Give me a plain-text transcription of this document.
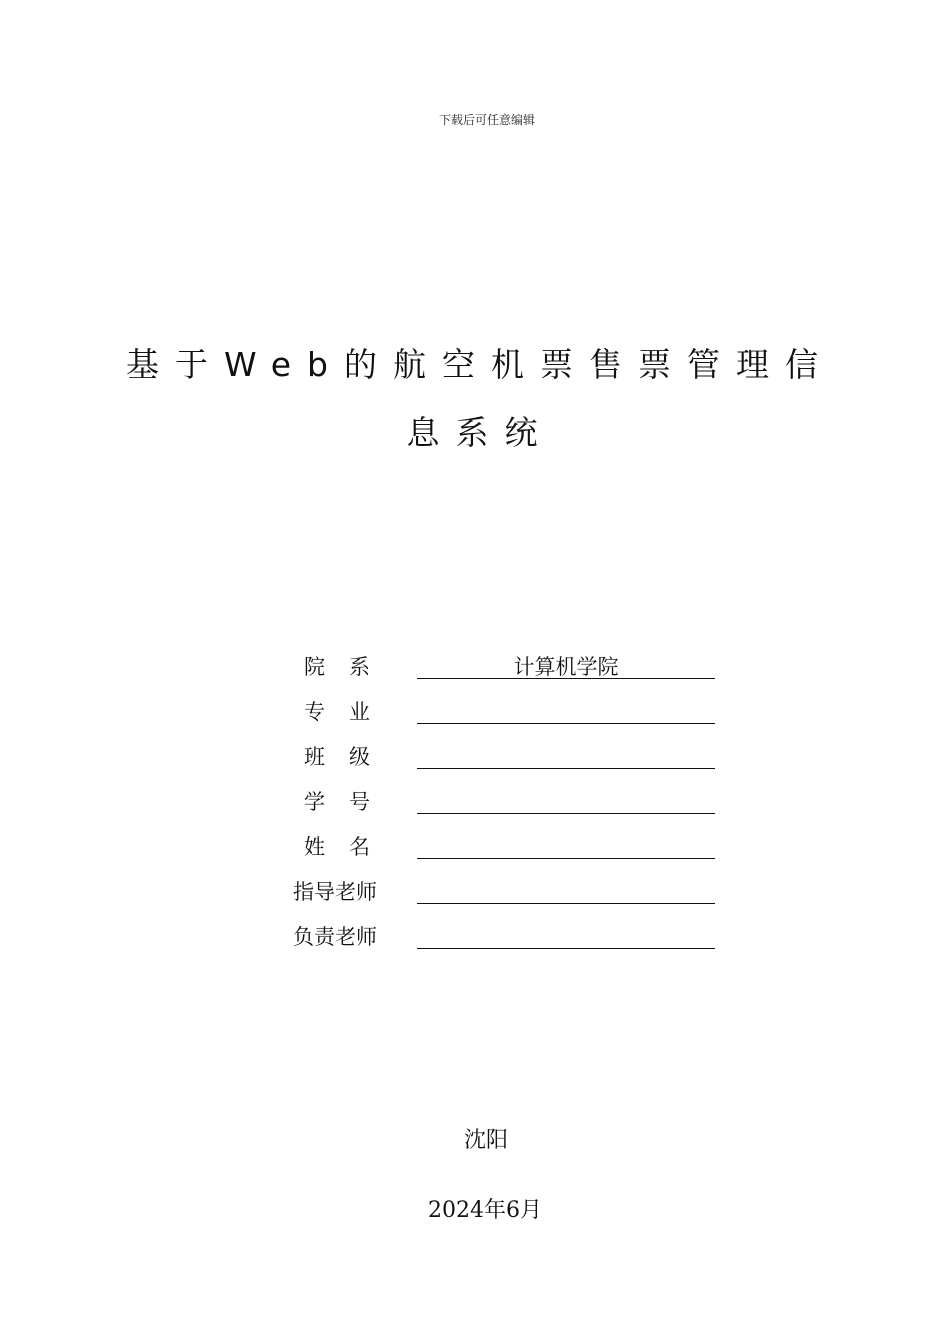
下载后可任意编辑
基于Web的航空机票售票管理信
息系统
院系	计算机学院
专业
班级
学号
姓名
指导老师
负责老师
沈阳
2024年6月
